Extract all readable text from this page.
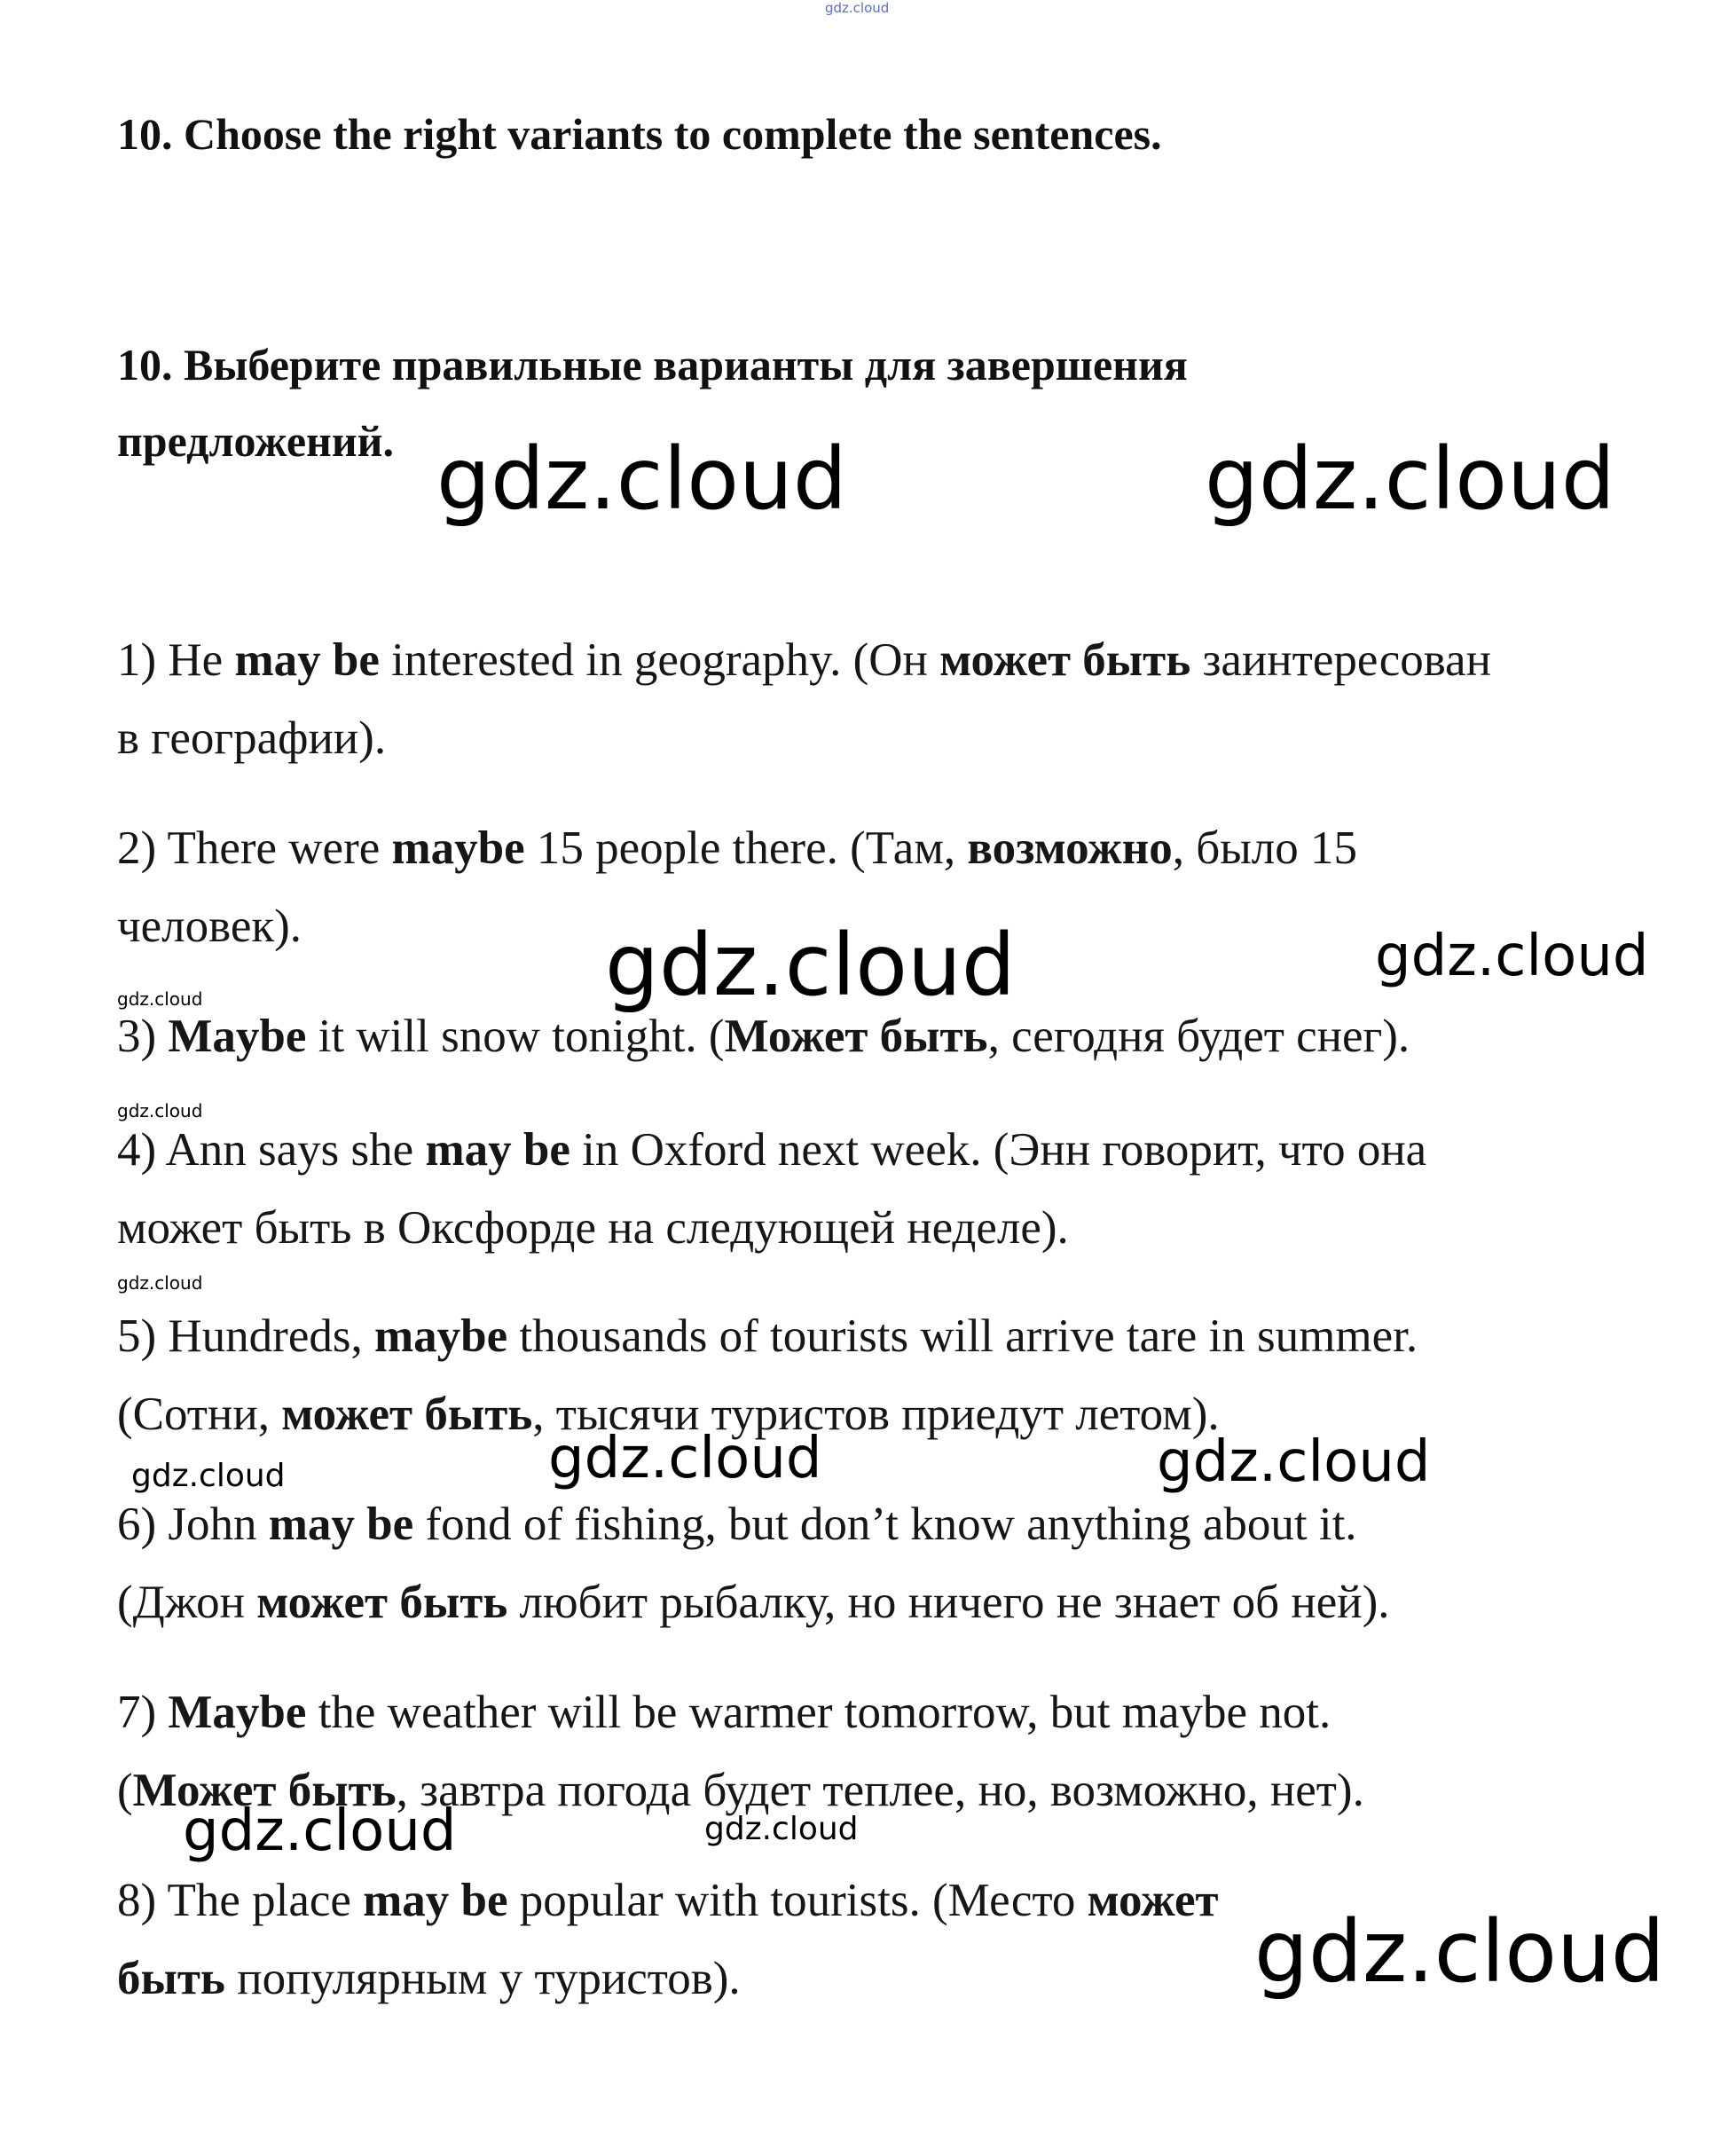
gdz.cloud
10. Choose the right variants to complete the sentences.
10. Выберите правильные варианты для завершения предложений.

1) He may be interested in geography. (Он может быть заинтересован
в географии).

2) There were maybe 15 people there. (Там, возможно, было 15
человек).

3) Maybe it will snow tonight. (Может быть, сегодня будет снег).

4) Ann says she may be in Oxford next week. (Энн говорит, что она
может быть в Оксфорде на следующей неделе).

5) Hundreds, maybe thousands of tourists will arrive tare in summer.
(Сотни, может быть, тысячи туристов приедут летом).

6) John may be fond of fishing, but don’t know anything about it.
(Джон может быть любит рыбалку, но ничего не знает об ней).

7) Maybe the weather will be warmer tomorrow, but maybe not.
(Может быть, завтра погода будет теплее, но, возможно, нет).

8) The place may be popular with tourists. (Место может
быть популярным у туристов).

gdz.cloud	gdz.cloud
gdz.cloud	gdz.cloud
gdz.cloud
gdz.cloud
gdz.cloud
gdz.cloud	gdz.cloud	gdz.cloud
gdz.cloud	gdz.cloud
gdz.cloud
